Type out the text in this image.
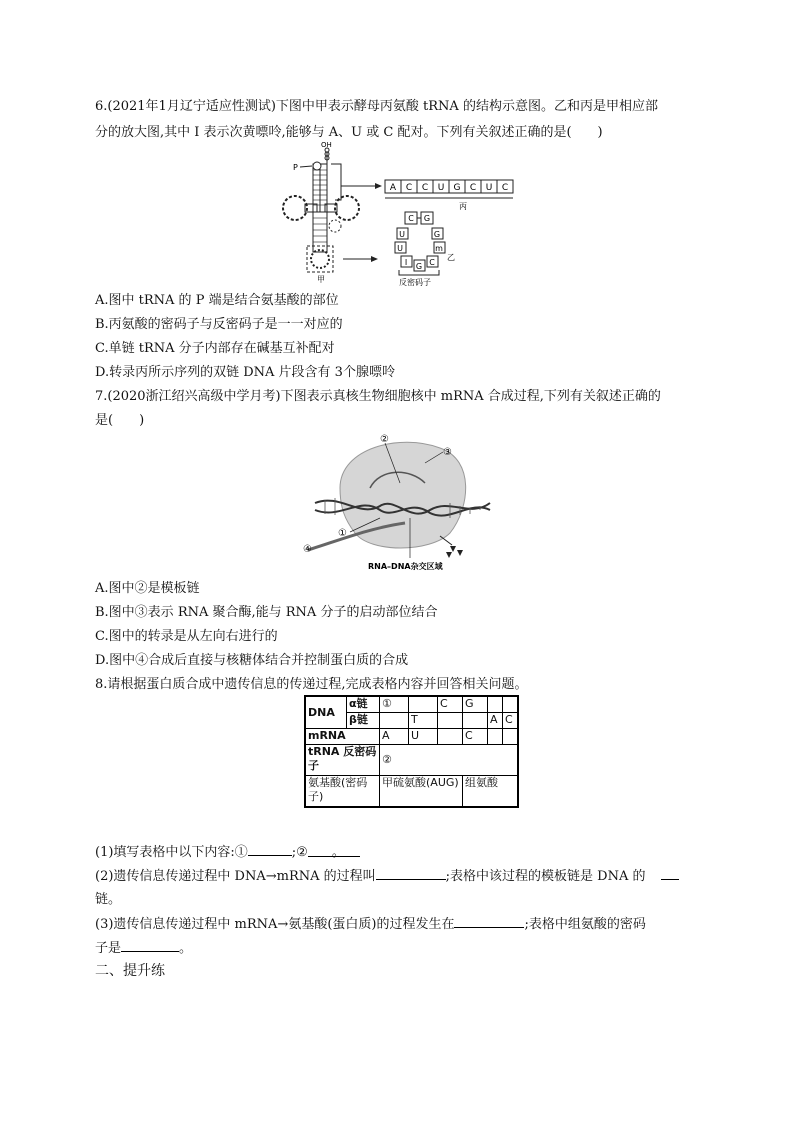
6.(2021年1月辽宁适应性测试)下图中甲表示酵母丙氨酸 tRNA 的结构示意图。乙和丙是甲相应部
分的放大图,其中 I 表示次黄嘌呤,能够与 A、U 或 C 配对。下列有关叙述正确的是(　　)
OH
P
甲
A C C U G C U C
丙
C G
U
U
I G C
m
G
乙
反密码子
A.图中 tRNA 的 P 端是结合氨基酸的部位
B.丙氨酸的密码子与反密码子是一一对应的
C.单链 tRNA 分子内部存在碱基互补配对
D.转录丙所示序列的双链 DNA 片段含有 3个腺嘌呤
7.(2020浙江绍兴高级中学月考)下图表示真核生物细胞核中 mRNA 合成过程,下列有关叙述正确的
是(　　)
②
③
①
④
RNA–DNA杂交区域
A.图中②是模板链
B.图中③表示 RNA 聚合酶,能与 RNA 分子的启动部位结合
C.图中的转录是从左向右进行的
D.图中④合成后直接与核糖体结合并控制蛋白质的合成
8.请根据蛋白质合成中遗传信息的传递过程,完成表格内容并回答相关问题。
DNA	α链	①		C	G		
	β链		T			A	C
mRNA		A	U		C		
tRNA 反密码子		②					
氨基酸(密码子)		甲硫氨酸(AUG)			组氨酸		
(1)填写表格中以下内容:①	;② 。
(2)遗传信息传递过程中 DNA→mRNA 的过程叫	;表格中该过程的模板链是 DNA 的
链。
(3)遗传信息传递过程中 mRNA→氨基酸(蛋白质)的过程发生在	;表格中组氨酸的密码
子是	。
二、提升练
